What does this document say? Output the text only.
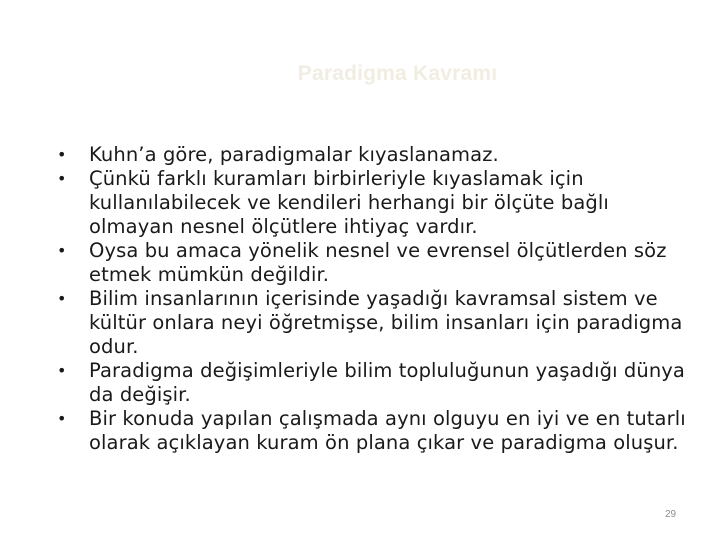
Paradigma Kavramı
• Kuhn’a göre, paradigmalar kıyaslanamaz.
• Çünkü farklı kuramları birbirleriyle kıyaslamak için kullanılabilecek ve kendileri herhangi bir ölçüte bağlı olmayan nesnel ölçütlere ihtiyaç vardır.
• Oysa bu amaca yönelik nesnel ve evrensel ölçütlerden söz etmek mümkün değildir.
• Bilim insanlarının içerisinde yaşadığı kavramsal sistem ve kültür onlara neyi öğretmişse, bilim insanları için paradigma odur.
• Paradigma değişimleriyle bilim topluluğunun yaşadığı dünya da değişir.
• Bir konuda yapılan çalışmada aynı olguyu en iyi ve en tutarlı olarak açıklayan kuram ön plana çıkar ve paradigma oluşur.
29
